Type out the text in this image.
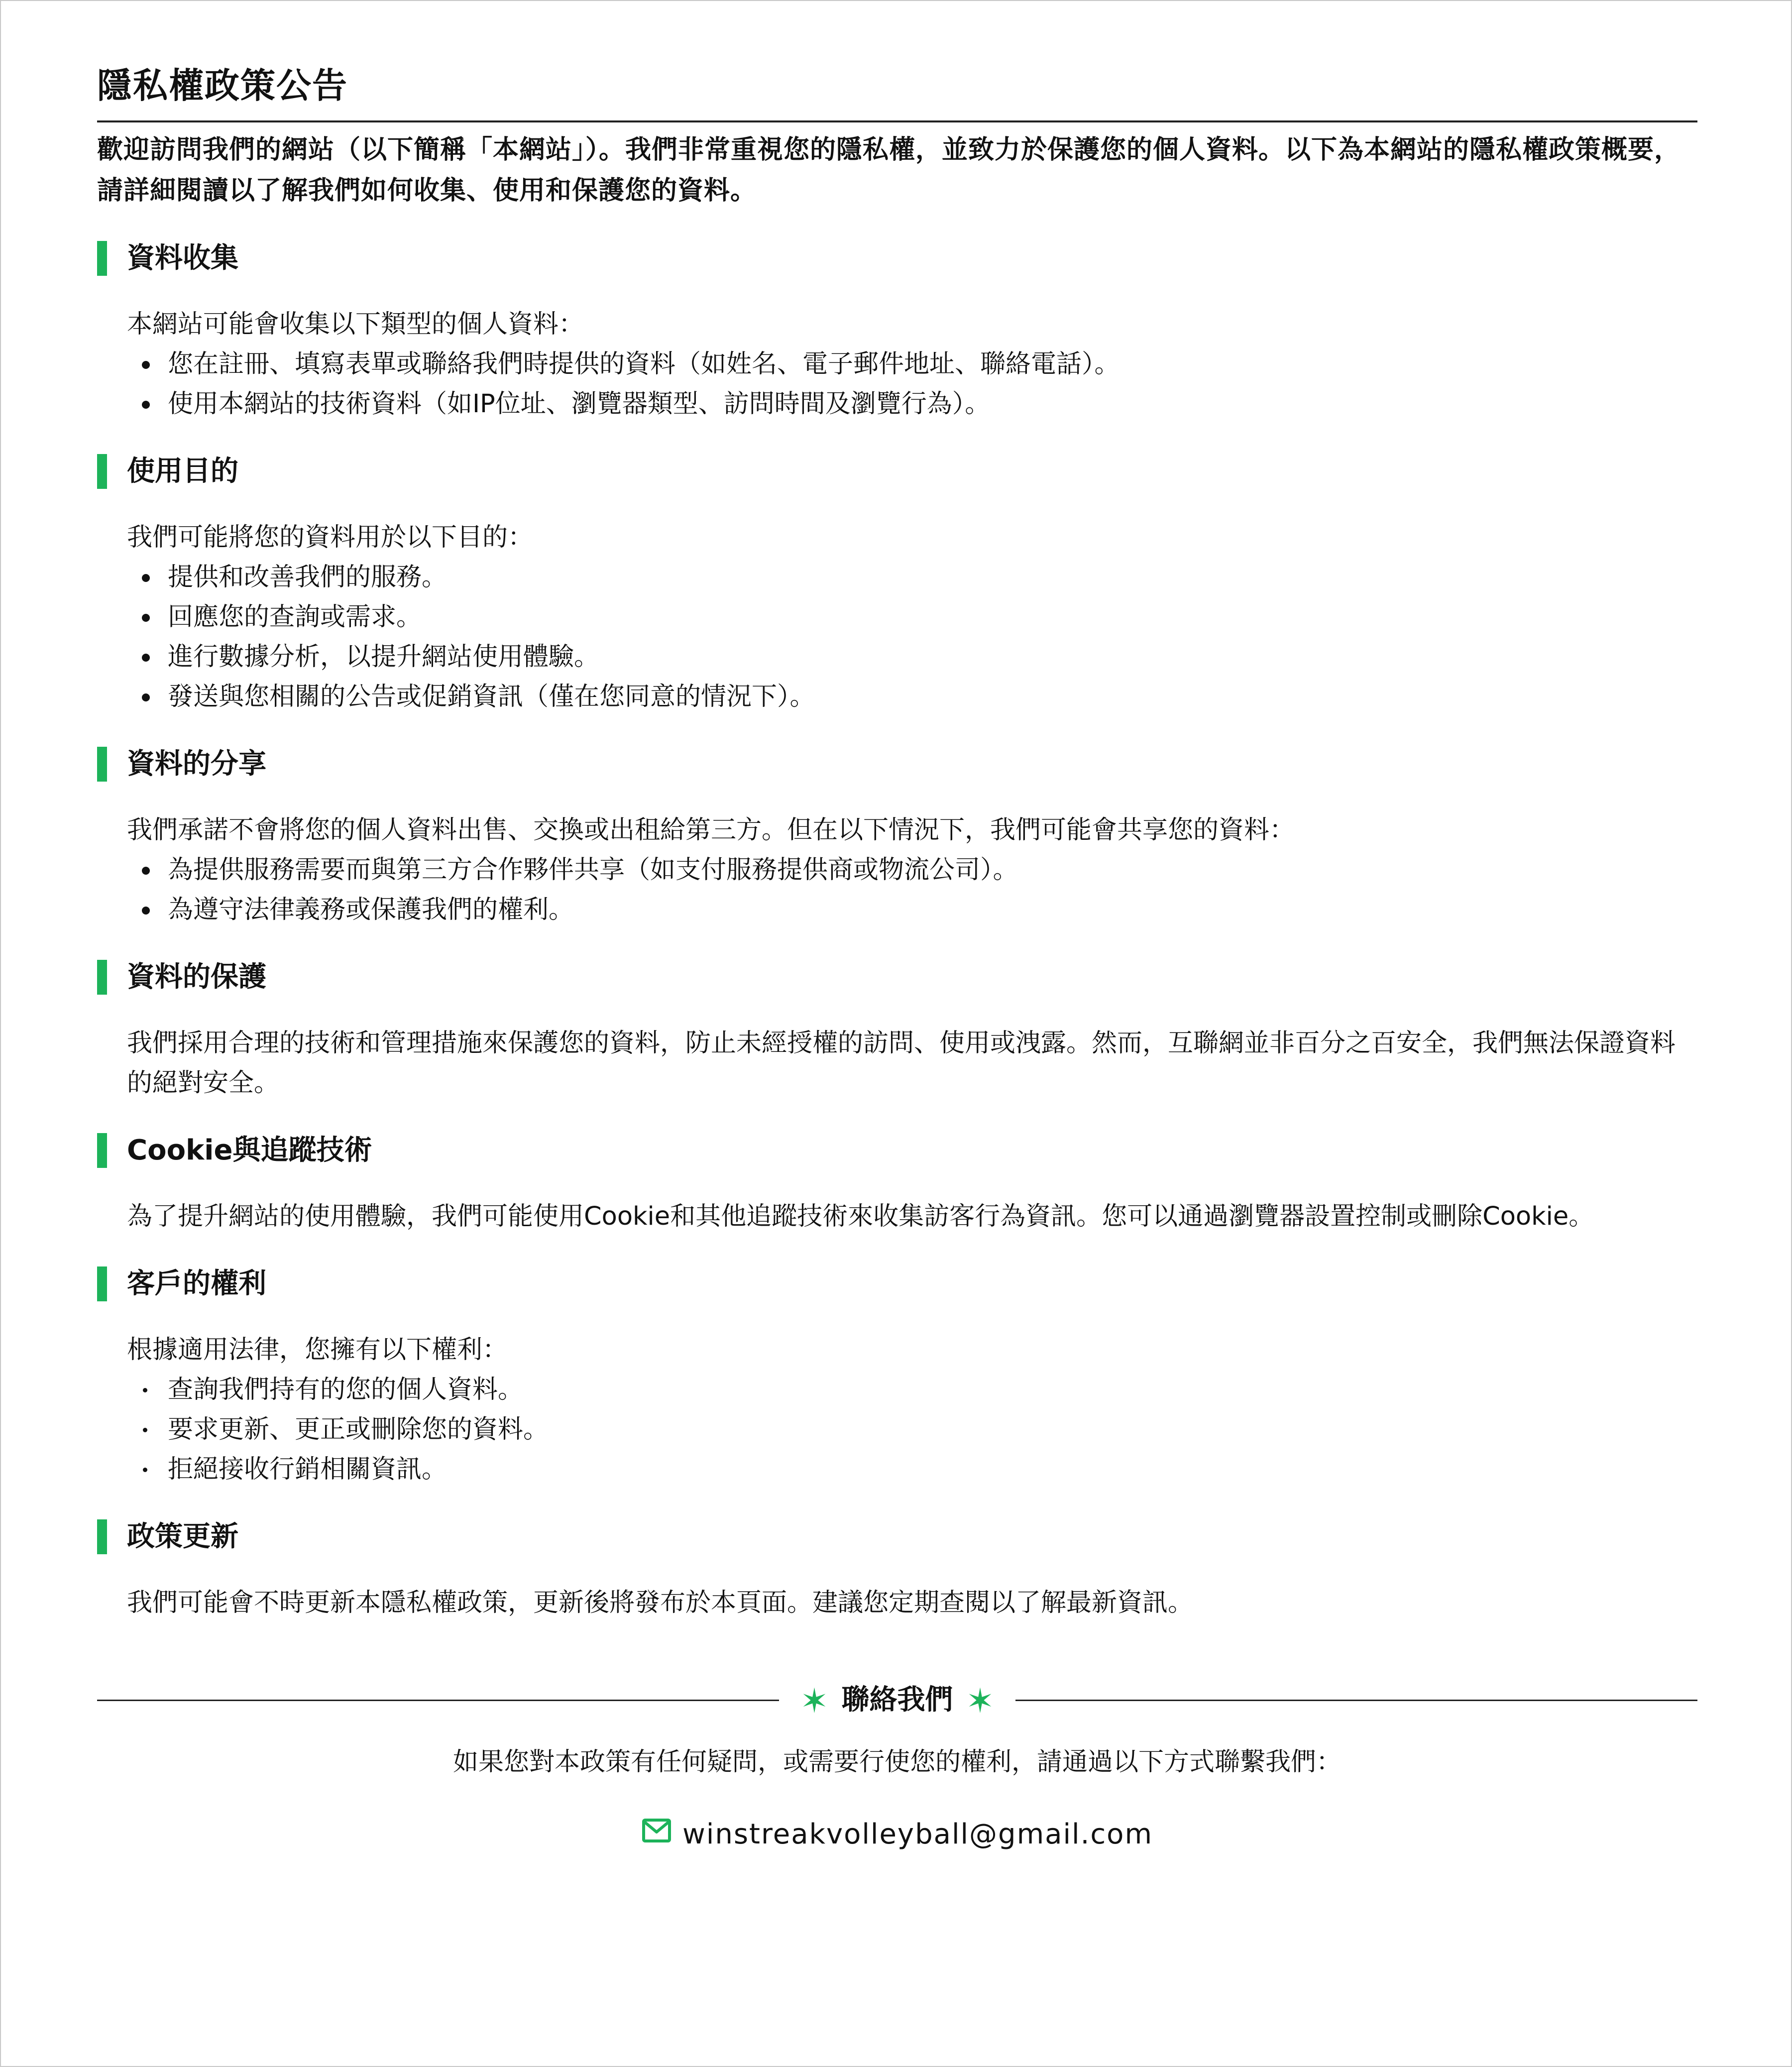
隱私權政策公告

歡迎訪問我們的網站（以下簡稱「本網站」）。我們非常重視您的隱私權，並致力於保護您的個人資料。以下為本網站的隱私權政策概要，請詳細閱讀以了解我們如何收集、使用和保護您的資料。

資料收集

本網站可能會收集以下類型的個人資料：

您在註冊、填寫表單或聯絡我們時提供的資料（如姓名、電子郵件地址、聯絡電話）。
使用本網站的技術資料（如IP位址、瀏覽器類型、訪問時間及瀏覽行為）。
使用目的

我們可能將您的資料用於以下目的：

提供和改善我們的服務。
回應您的查詢或需求。
進行數據分析，以提升網站使用體驗。
發送與您相關的公告或促銷資訊（僅在您同意的情況下）。
資料的分享

我們承諾不會將您的個人資料出售、交換或出租給第三方。但在以下情況下，我們可能會共享您的資料：

為提供服務需要而與第三方合作夥伴共享（如支付服務提供商或物流公司）。
為遵守法律義務或保護我們的權利。
資料的保護

我們採用合理的技術和管理措施來保護您的資料，防止未經授權的訪問、使用或洩露。然而，互聯網並非百分之百安全，我們無法保證資料的絕對安全。

Cookie與追蹤技術

為了提升網站的使用體驗，我們可能使用Cookie和其他追蹤技術來收集訪客行為資訊。您可以通過瀏覽器設置控制或刪除Cookie。

客戶的權利

根據適用法律，您擁有以下權利：

查詢我們持有的您的個人資料。
要求更新、更正或刪除您的資料。
拒絕接收行銷相關資訊。
政策更新

我們可能會不時更新本隱私權政策，更新後將發布於本頁面。建議您定期查閱以了解最新資訊。

✶ 聯絡我們 ✶
如果您對本政策有任何疑問，或需要行使您的權利，請通過以下方式聯繫我們：
winstreakvolleyball@gmail.com
